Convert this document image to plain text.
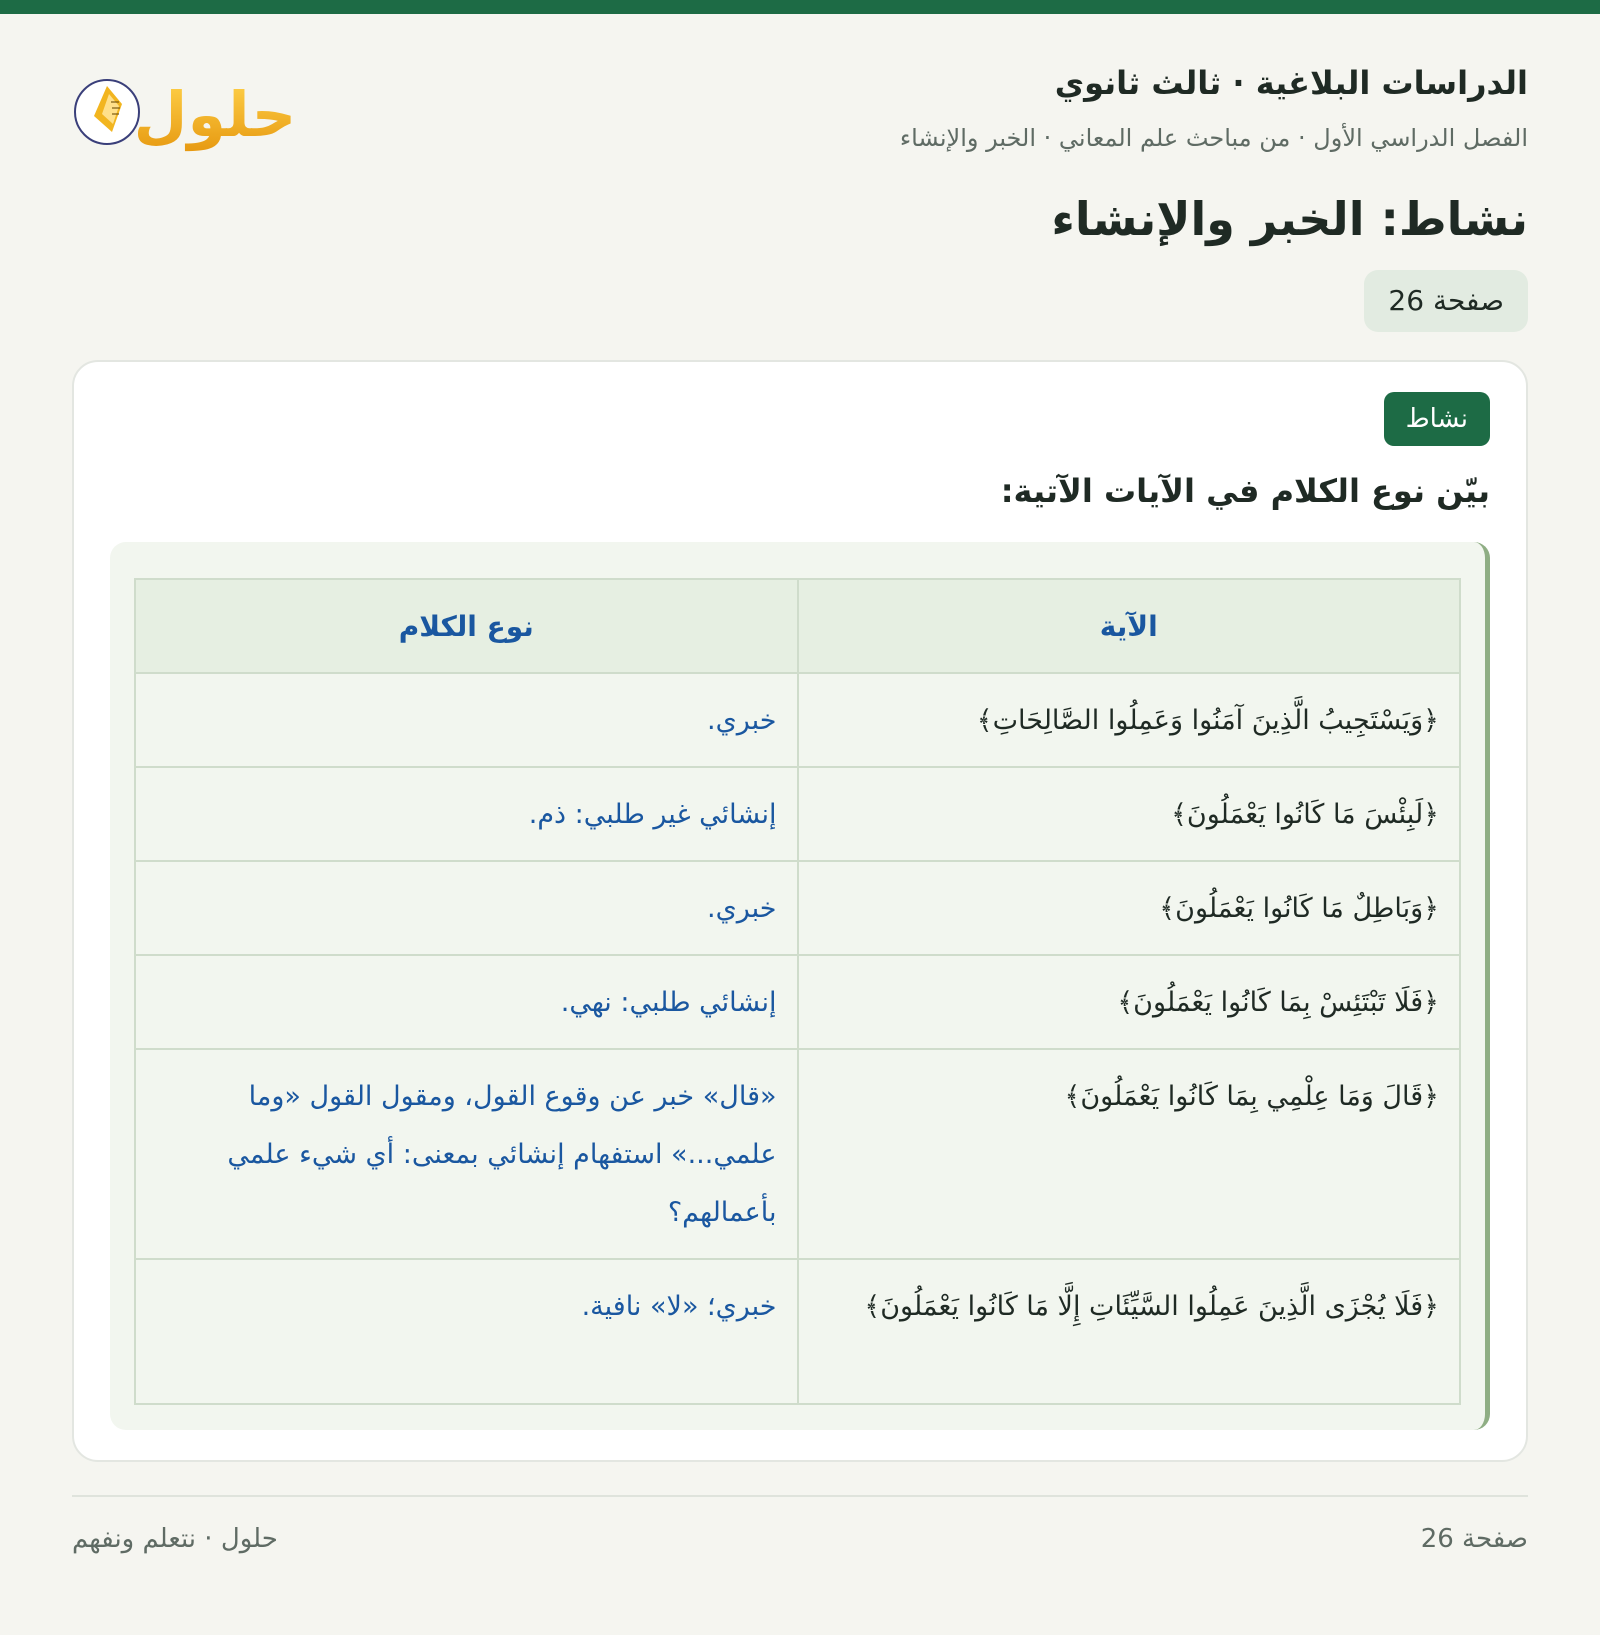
الدراسات البلاغية · ثالث ثانوي
الفصل الدراسي الأول · من مباحث علم المعاني · الخبر والإنشاء
حلول
نشاط: الخبر والإنشاء
صفحة 26
نشاط
بيّن نوع الكلام في الآيات الآتية:
الآية	نوع الكلام
﴿وَيَسْتَجِيبُ الَّذِينَ آمَنُوا وَعَمِلُوا الصَّالِحَاتِ﴾	خبري.
﴿لَبِئْسَ مَا كَانُوا يَعْمَلُونَ﴾	إنشائي غير طلبي: ذم.
﴿وَبَاطِلٌ مَا كَانُوا يَعْمَلُونَ﴾	خبري.
﴿فَلَا تَبْتَئِسْ بِمَا كَانُوا يَعْمَلُونَ﴾	إنشائي طلبي: نهي.
﴿قَالَ وَمَا عِلْمِي بِمَا كَانُوا يَعْمَلُونَ﴾	«قال» خبر عن وقوع القول، ومقول القول «وما علمي...» استفهام إنشائي بمعنى: أي شيء علمي بأعمالهم؟
﴿فَلَا يُجْزَى الَّذِينَ عَمِلُوا السَّيِّئَاتِ إِلَّا مَا كَانُوا يَعْمَلُونَ﴾	خبري؛ «لا» نافية.
صفحة 26
حلول · نتعلم ونفهم
